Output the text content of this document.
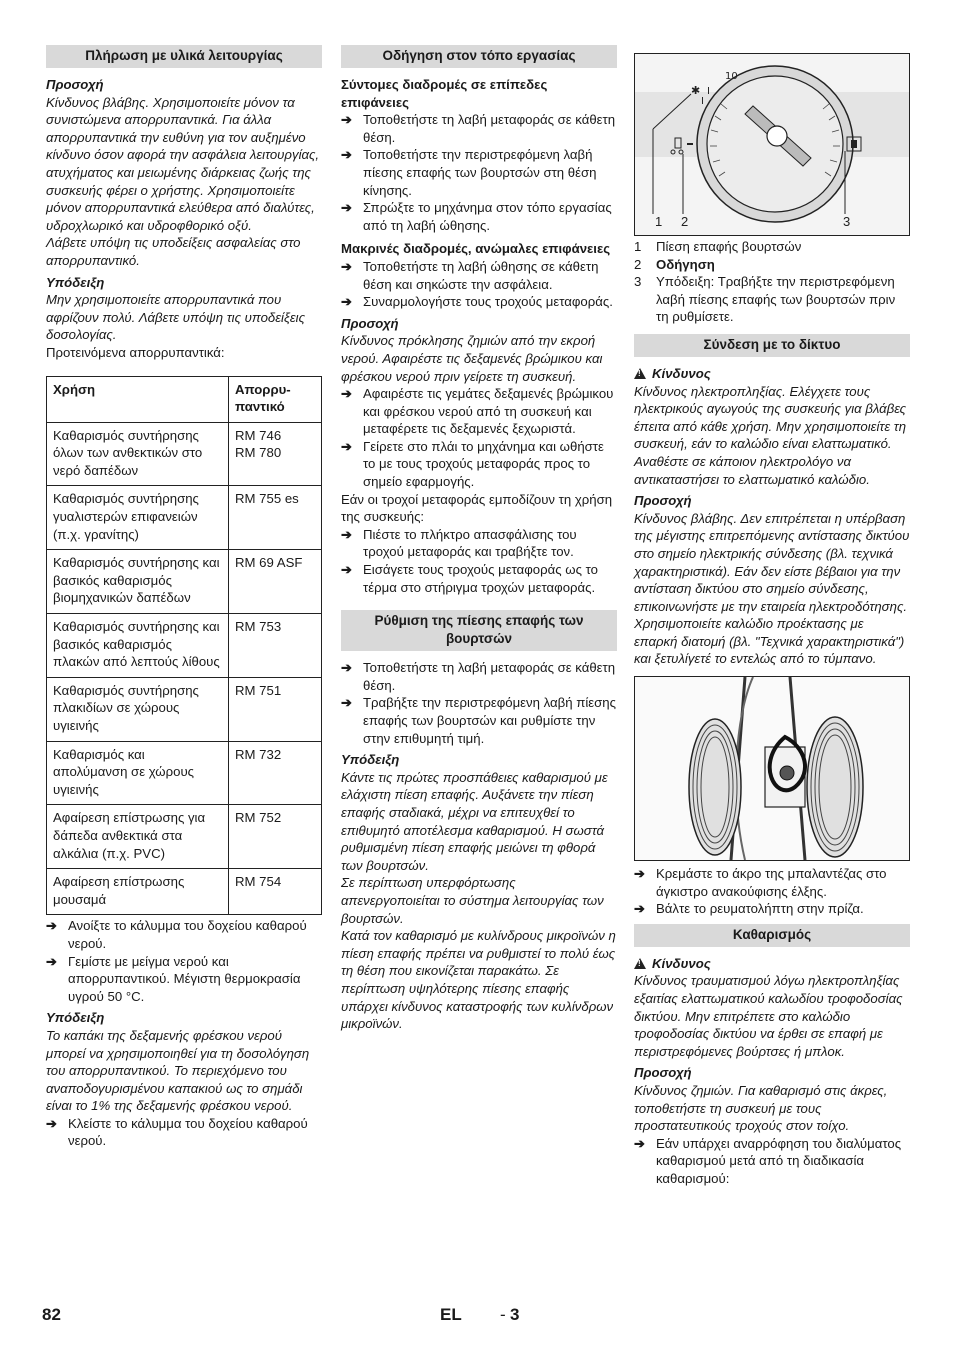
Πλήρωση με υλικά λειτουργίας

Προσοχή

Κίνδυνος βλάβης. Χρησιμοποιείτε μόνον τα συνιστώμενα απορρυπαντικά. Για άλλα απορρυπαντικά την ευθύνη για τον αυξημένο κίνδυνο όσον αφορά την ασφάλεια λειτουργίας, ατυχήματος και μειωμένης διάρκειας ζωής της συσκευής φέρει ο χρήστης. Χρησιμοποιείτε μόνον απορρυπαντικά ελεύθερα από διαλύτες, υδροχλωρικό και υδροφθορικό οξύ.

Λάβετε υπόψη τις υποδείξεις ασφαλείας στο απορρυπαντικό.

Υπόδειξη

Μην χρησιμοποιείτε απορρυπαντικά που αφρίζουν πολύ. Λάβετε υπόψη τις υποδείξεις δοσολογίας.

Προτεινόμενα απορρυπαντικά:

Χρήση	Απορρυ-παντικό
Καθαρισμός συντήρησης όλων των ανθεκτικών στο νερό δαπέδων	RM 746
RM 780
Καθαρισμός συντήρησης γυαλιστερών επιφανειών (π.χ. γρανίτης)	RM 755 es
Καθαρισμός συντήρησης και βασικός καθαρισμός βιομηχανικών δαπέδων	RM 69 ASF
Καθαρισμός συντήρησης και βασικός καθαρισμός πλακών από λεπτούς λίθους	RM 753
Καθαρισμός συντήρησης πλακιδίων σε χώρους υγιεινής	RM 751
Καθαρισμός και απολύμανση σε χώρους υγιεινής	RM 732
Αφαίρεση επίστρωσης για δάπεδα ανθεκτικά στα αλκάλια (π.χ. PVC)	RM 752
Αφαίρεση επίστρωσης μουσαμά	RM 754

➔ Ανοίξτε το κάλυμμα του δοχείου καθαρού νερού.

➔ Γεμίστε με μείγμα νερού και απορρυπαντικού. Μέγιστη θερμοκρασία υγρού 50 °C.

Υπόδειξη

Το καπάκι της δεξαμενής φρέσκου νερού μπορεί να χρησιμοποιηθεί για τη δοσολόγηση του απορρυπαντικού. Το περιεχόμενο του αναποδογυρισμένου καπακιού ως το σημάδι είναι το 1% της δεξαμενής φρέσκου νερού.

➔ Κλείστε το κάλυμμα του δοχείου καθαρού νερού.

Οδήγηση στον τόπο εργασίας

Σύντομες διαδρομές σε επίπεδες επιφάνειες

➔ Τοποθετήστε τη λαβή μεταφοράς σε κάθετη θέση.

➔ Τοποθετήστε την περιστρεφόμενη λαβή πίεσης επαφής των βουρτσών στη θέση κίνησης.

➔ Σπρώξτε το μηχάνημα στον τόπο εργασίας από τη λαβή ώθησης.

Μακρινές διαδρομές, ανώμαλες επιφάνειες

➔ Τοποθετήστε τη λαβή ώθησης σε κάθετη θέση και σηκώστε την ασφάλεια.

➔ Συναρμολογήστε τους τροχούς μεταφοράς.

Προσοχή

Κίνδυνος πρόκλησης ζημιών από την εκροή νερού. Αφαιρέστε τις δεξαμενές βρώμικου και φρέσκου νερού πριν γείρετε τη συσκευή.

➔ Αφαιρέστε τις γεμάτες δεξαμενές βρώμικου και φρέσκου νερού από τη συσκευή και μεταφέρετε τις δεξαμενές ξεχωριστά.

➔ Γείρετε στο πλάι το μηχάνημα και ωθήστε το με τους τροχούς μεταφοράς προς το σημείο εφαρμογής.

Εάν οι τροχοί μεταφοράς εμποδίζουν τη χρήση της συσκευής:

➔ Πιέστε το πλήκτρο απασφάλισης του τροχού μεταφοράς και τραβήξτε τον.

➔ Εισάγετε τους τροχούς μεταφοράς ως το τέρμα στο στήριγμα τροχών μεταφοράς.

Ρύθμιση της πίεσης επαφής των βουρτσών

➔ Τοποθετήστε τη λαβή μεταφοράς σε κάθετη θέση.

➔ Τραβήξτε την περιστρεφόμενη λαβή πίεσης επαφής των βουρτσών και ρυθμίστε την στην επιθυμητή τιμή.

Υπόδειξη

Κάντε τις πρώτες προσπάθειες καθαρισμού με ελάχιστη πίεση επαφής. Αυξάνετε την πίεση επαφής σταδιακά, μέχρι να επιτευχθεί το επιθυμητό αποτέλεσμα καθαρισμού. Η σωστά ρυθμισμένη πίεση επαφής μειώνει τη φθορά των βουρτσών.

Σε περίπτωση υπερφόρτωσης απενεργοποιείται το σύστημα λειτουργίας των βουρτσών.

Κατά τον καθαρισμό με κυλίνδρους μικροϊνών η πίεση επαφής πρέπει να ρυθμιστεί το πολύ έως τη θέση που εικονίζεται παρακάτω. Σε περίπτωση υψηλότερης πίεσης επαφής υπάρχει κίνδυνος καταστροφής των κυλίνδρων μικροϊνών.

✱
I
I
10
1 2	3
1	Πίεση επαφής βουρτσών
2	Οδήγηση
3	Υπόδειξη: Τραβήξτε την περιστρεφόμενη λαβή πίεσης επαφής των βουρτσών πριν τη ρυθμίσετε.
Σύνδεση με το δίκτυο

!Κίνδυνος

Κίνδυνος ηλεκτροπληξίας. Ελέγχετε τους ηλεκτρικούς αγωγούς της συσκευής για βλάβες έπειτα από κάθε χρήση. Μην χρησιμοποιείτε τη συσκευή, εάν το καλώδιο είναι ελαττωματικό. Αναθέστε σε κάποιον ηλεκτρολόγο να αντικαταστήσει το ελαττωματικό καλώδιο.

Προσοχή

Κίνδυνος βλάβης. Δεν επιτρέπεται η υπέρβαση της μέγιστης επιτρεπόμενης αντίστασης δικτύου στο σημείο ηλεκτρικής σύνδεσης (βλ. τεχνικά χαρακτηριστικά). Εάν δεν είστε βέβαιοι για την αντίσταση δικτύου στο σημείο σύνδεσης, επικοινωνήστε με την εταιρεία ηλεκτροδότησης.

Χρησιμοποιείτε καλώδιο προέκτασης με επαρκή διατομή (βλ. "Τεχνικά χαρακτηριστικά") και ξετυλίγετέ το εντελώς από το τύμπανο.

➔ Κρεμάστε το άκρο της μπαλαντέζας στο άγκιστρο ανακούφισης έλξης.

➔ Βάλτε το ρευματολήπτη στην πρίζα.

Καθαρισμός

!Κίνδυνος

Κίνδυνος τραυματισμού λόγω ηλεκτροπληξίας εξαιτίας ελαττωματικού καλωδίου τροφοδοσίας δικτύου. Μην επιτρέπετε στο καλώδιο τροφοδοσίας δικτύου να έρθει σε επαφή με περιστρεφόμενες βούρτσες ή μπλοκ.

Προσοχή

Κίνδυνος ζημιών. Για καθαρισμό στις άκρες, τοποθετήστε τη συσκευή με τους προστατευτικούς τροχούς στον τοίχο.

➔ Εάν υπάρχει αναρρόφηση του διαλύματος καθαρισμού μετά από τη διαδικασία καθαρισμού:

82	EL - 3
